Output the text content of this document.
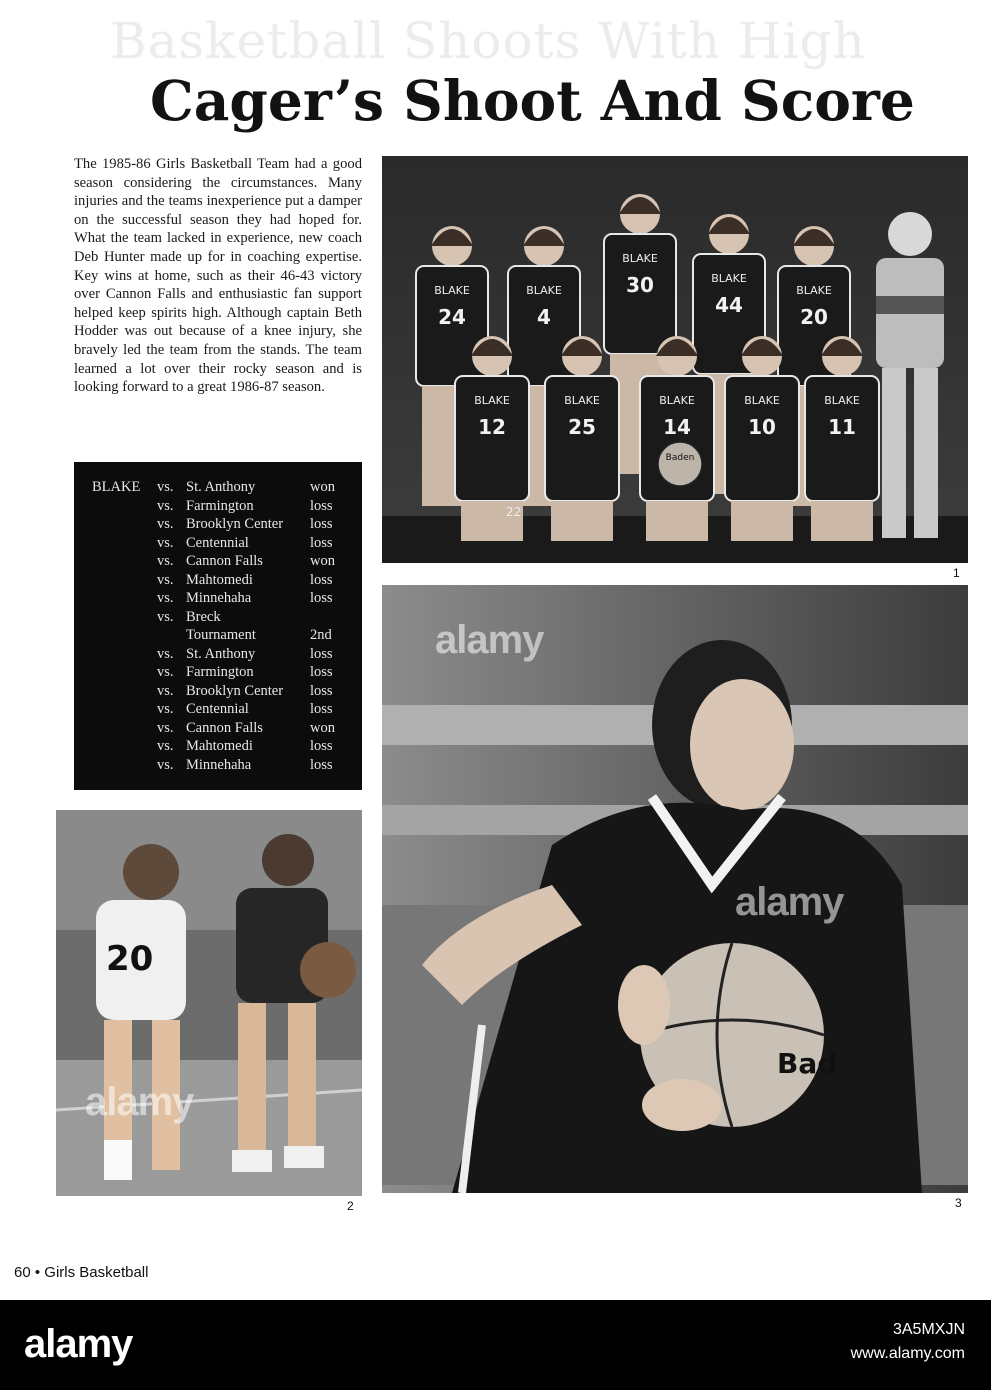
Basketball Shoots With High
Cager’s Shoot And Score

The 1985-86 Girls Basketball Team had a good season considering the circumstances. Many injuries and the teams inexperience put a damper on the successful season they had hoped for. What the team lacked in experience, new coach Deb Hunter made up for in coaching expertise. Key wins at home, such as their 46-43 victory over Cannon Falls and enthusiastic fan support helped keep spirits high. Although captain Beth Hodder was out because of a knee injury, she bravely led the team from the stands. The team learned a lot over their rocky season and is looking forward to a great 1986-87 season.

BLAKE vs. St. Anthony	won
vs. Farmington	loss
vs. Brooklyn Center loss
vs. Centennial	loss
vs. Cannon Falls	won
vs. Mahtomedi	loss
vs. Minnehaha	loss
vs. Breck
Tournament	2nd
vs. St. Anthony	loss
vs. Farmington	loss
vs. Brooklyn Center loss
vs. Centennial	loss
vs. Cannon Falls	won
vs. Mahtomedi	loss
vs. Minnehaha	loss
BLAKE
24
BLAKE
4
BLAKE
30	BLAKE
44
BLAKE
20
BLAKE
12
BLAKE
25
BLAKE
14
BLAKE
10
BLAKE
11
22
Baden
1
20
2
Bad
3
alamy
alamy
alamy
60 • Girls Basketball
alamy	3A5MXJN
www.alamy.com
